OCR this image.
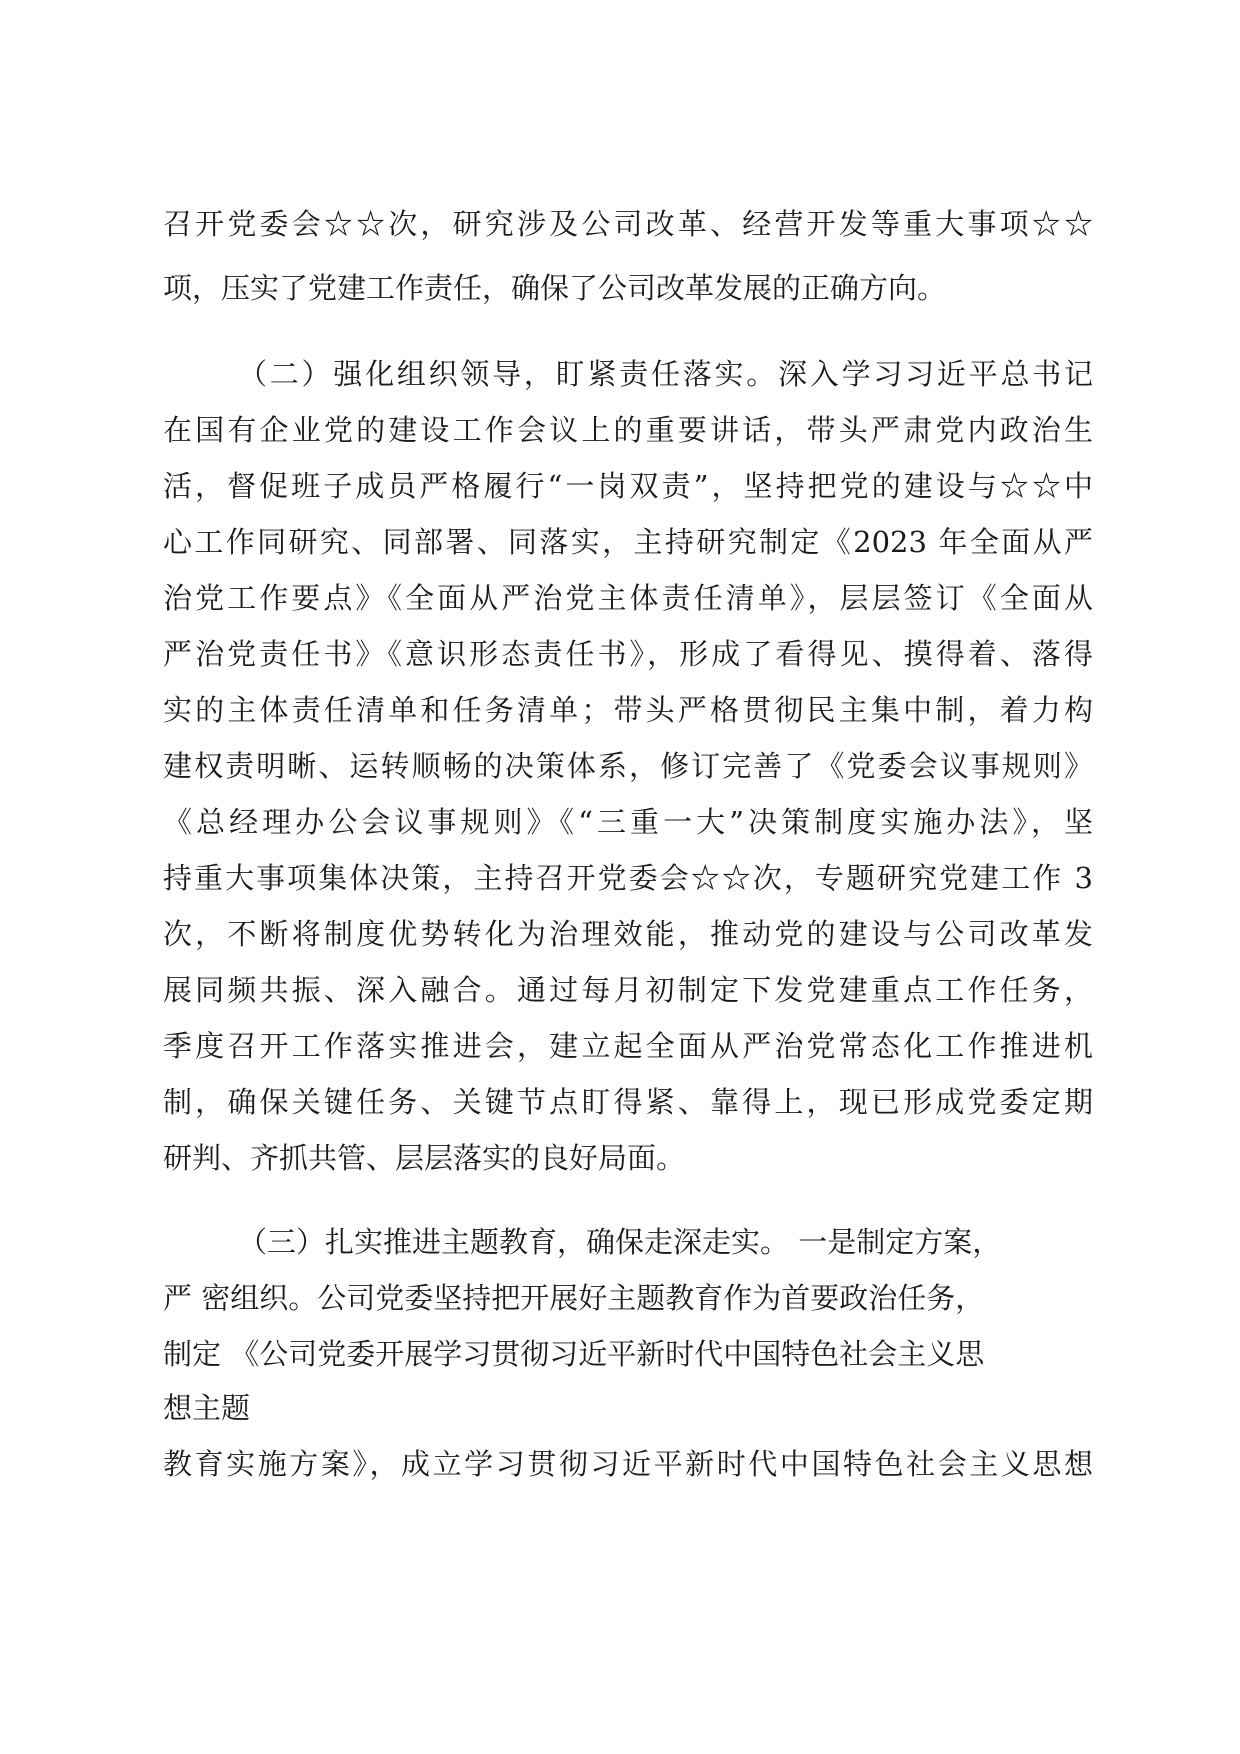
召开党委会☆☆次，研究涉及公司改革、经营开发等重大事项☆☆
项，压实了党建工作责任，确保了公司改革发展的正确方向。
（二）强化组织领导，盯紧责任落实。深入学习习近平总书记
在国有企业党的建设工作会议上的重要讲话，带头严肃党内政治生
活，督促班子成员严格履行“一岗双责”，坚持把党的建设与☆☆中
心工作同研究、同部署、同落实，主持研究制定《2023 年全面从严
治党工作要点》《全面从严治党主体责任清单》，层层签订《全面从
严治党责任书》《意识形态责任书》，形成了看得见、摸得着、落得
实的主体责任清单和任务清单；带头严格贯彻民主集中制，着力构
建权责明晰、运转顺畅的决策体系，修订完善了《党委会议事规则》
《总经理办公会议事规则》《“三重一大”决策制度实施办法》，坚
持重大事项集体决策，主持召开党委会☆☆次，专题研究党建工作 3
次，不断将制度优势转化为治理效能，推动党的建设与公司改革发
展同频共振、深入融合。通过每月初制定下发党建重点工作任务，
季度召开工作落实推进会，建立起全面从严治党常态化工作推进机
制，确保关键任务、关键节点盯得紧、靠得上，现已形成党委定期
研判、齐抓共管、层层落实的良好局面。
（三）扎实推进主题教育，确保走深走实。 一是制定方案，
严 密组织。公司党委坚持把开展好主题教育作为首要政治任务，
制定 《公司党委开展学习贯彻习近平新时代中国特色社会主义思
想主题
教育实施方案》，成立学习贯彻习近平新时代中国特色社会主义思想
